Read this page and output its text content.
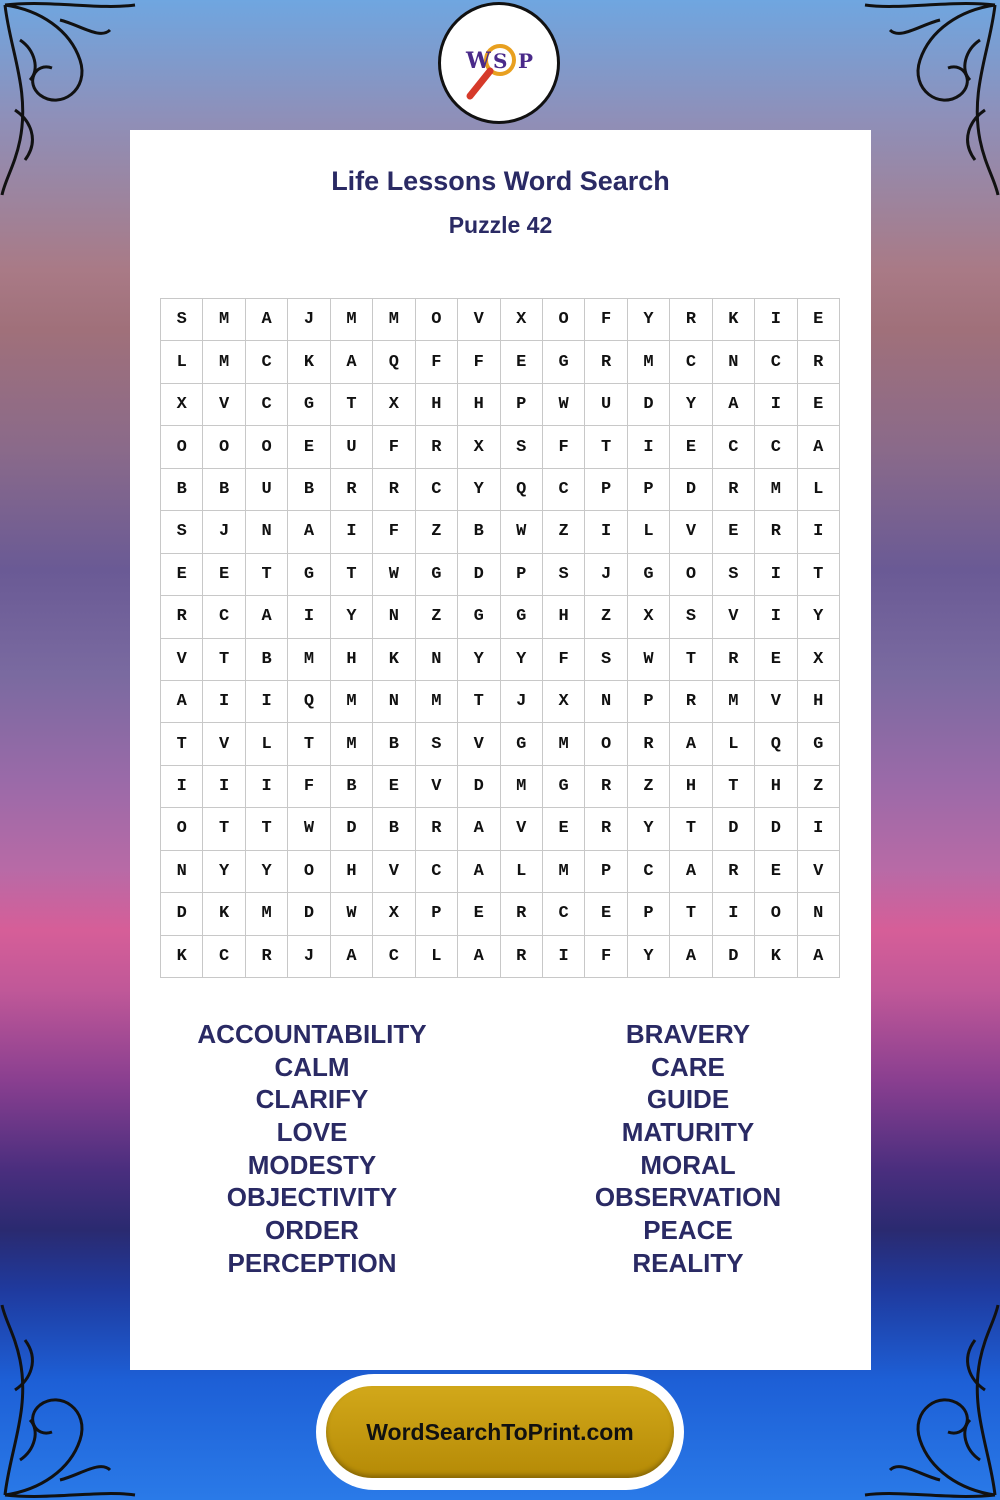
W S P
Life Lessons Word Search
Puzzle 42
S	M	A	J	M	M	O	V	X	O	F	Y	R	K	I	E
L	M	C	K	A	Q	F	F	E	G	R	M	C	N	C	R
X	V	C	G	T	X	H	H	P	W	U	D	Y	A	I	E
O	O	O	E	U	F	R	X	S	F	T	I	E	C	C	A
B	B	U	B	R	R	C	Y	Q	C	P	P	D	R	M	L
S	J	N	A	I	F	Z	B	W	Z	I	L	V	E	R	I
E	E	T	G	T	W	G	D	P	S	J	G	O	S	I	T
R	C	A	I	Y	N	Z	G	G	H	Z	X	S	V	I	Y
V	T	B	M	H	K	N	Y	Y	F	S	W	T	R	E	X
A	I	I	Q	M	N	M	T	J	X	N	P	R	M	V	H
T	V	L	T	M	B	S	V	G	M	O	R	A	L	Q	G
I	I	I	F	B	E	V	D	M	G	R	Z	H	T	H	Z
O	T	T	W	D	B	R	A	V	E	R	Y	T	D	D	I
N	Y	Y	O	H	V	C	A	L	M	P	C	A	R	E	V
D	K	M	D	W	X	P	E	R	C	E	P	T	I	O	N
K	C	R	J	A	C	L	A	R	I	F	Y	A	D	K	A
ACCOUNTABILITY
CALM
CLARIFY
LOVE
MODESTY
OBJECTIVITY
ORDER
PERCEPTION
BRAVERY
CARE
GUIDE
MATURITY
MORAL
OBSERVATION
PEACE
REALITY
WordSearchToPrint.com
